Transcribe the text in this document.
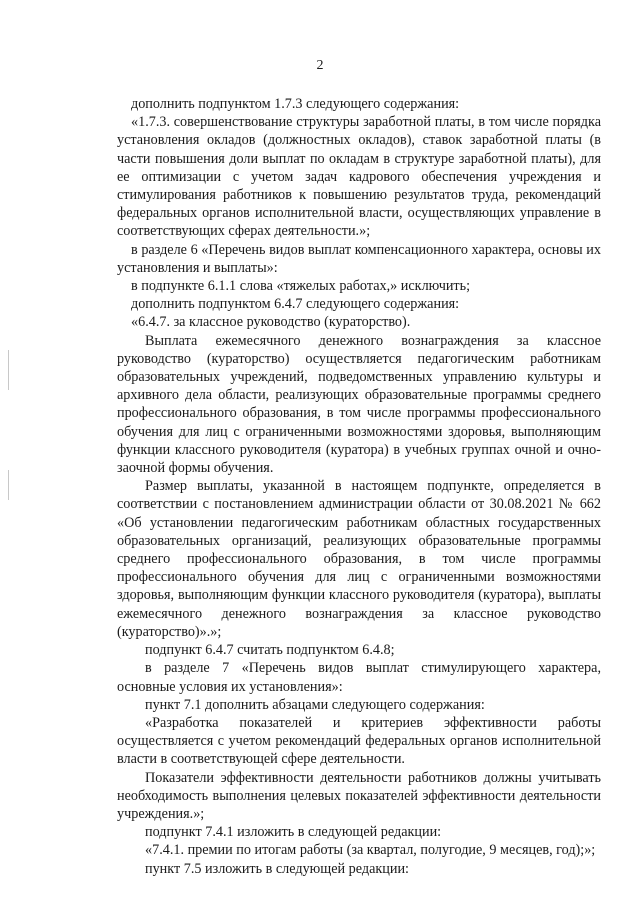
2

дополнить подпунктом 1.7.3 следующего содержания:

«1.7.3. совершенствование структуры заработной платы, в том числе порядка установления окладов (должностных окладов), ставок заработной платы (в части повышения доли выплат по окладам в структуре заработной платы), для ее оптимизации с учетом задач кадрового обеспечения учреждения и стимулирования работников к повышению результатов труда, рекомендаций федеральных органов исполнительной власти, осуществляющих управление в соответствующих сферах деятельности.»;

в разделе 6 «Перечень видов выплат компенсационного характера, основы их установления и выплаты»:

в подпункте 6.1.1 слова «тяжелых работах,» исключить;

дополнить подпунктом 6.4.7 следующего содержания:

«6.4.7. за классное руководство (кураторство).

Выплата ежемесячного денежного вознаграждения за классное руководство (кураторство) осуществляется педагогическим работникам образовательных учреждений, подведомственных управлению культуры и архивного дела области, реализующих образовательные программы среднего профессионального образования, в том числе программы профессионального обучения для лиц с ограниченными возможностями здоровья, выполняющим функции классного руководителя (куратора) в учебных группах очной и очно-заочной формы обучения.

Размер выплаты, указанной в настоящем подпункте, определяется в соответствии с постановлением администрации области от 30.08.2021 № 662 «Об установлении педагогическим работникам областных государственных образовательных организаций, реализующих образовательные программы среднего профессионального образования, в том числе программы профессионального обучения для лиц с ограниченными возможностями здоровья, выполняющим функции классного руководителя (куратора), выплаты ежемесячного денежного вознаграждения за классное руководство (кураторство)».»;

подпункт 6.4.7 считать подпунктом 6.4.8;

в разделе 7 «Перечень видов выплат стимулирующего характера, основные условия их установления»:

пункт 7.1 дополнить абзацами следующего содержания:

«Разработка показателей и критериев эффективности работы осуществляется с учетом рекомендаций федеральных органов исполнительной власти в соответствующей сфере деятельности.

Показатели эффективности деятельности работников должны учитывать необходимость выполнения целевых показателей эффективности деятельности учреждения.»;

подпункт 7.4.1 изложить в следующей редакции:

«7.4.1. премии по итогам работы (за квартал, полугодие, 9 месяцев, год);»;

пункт 7.5 изложить в следующей редакции:
